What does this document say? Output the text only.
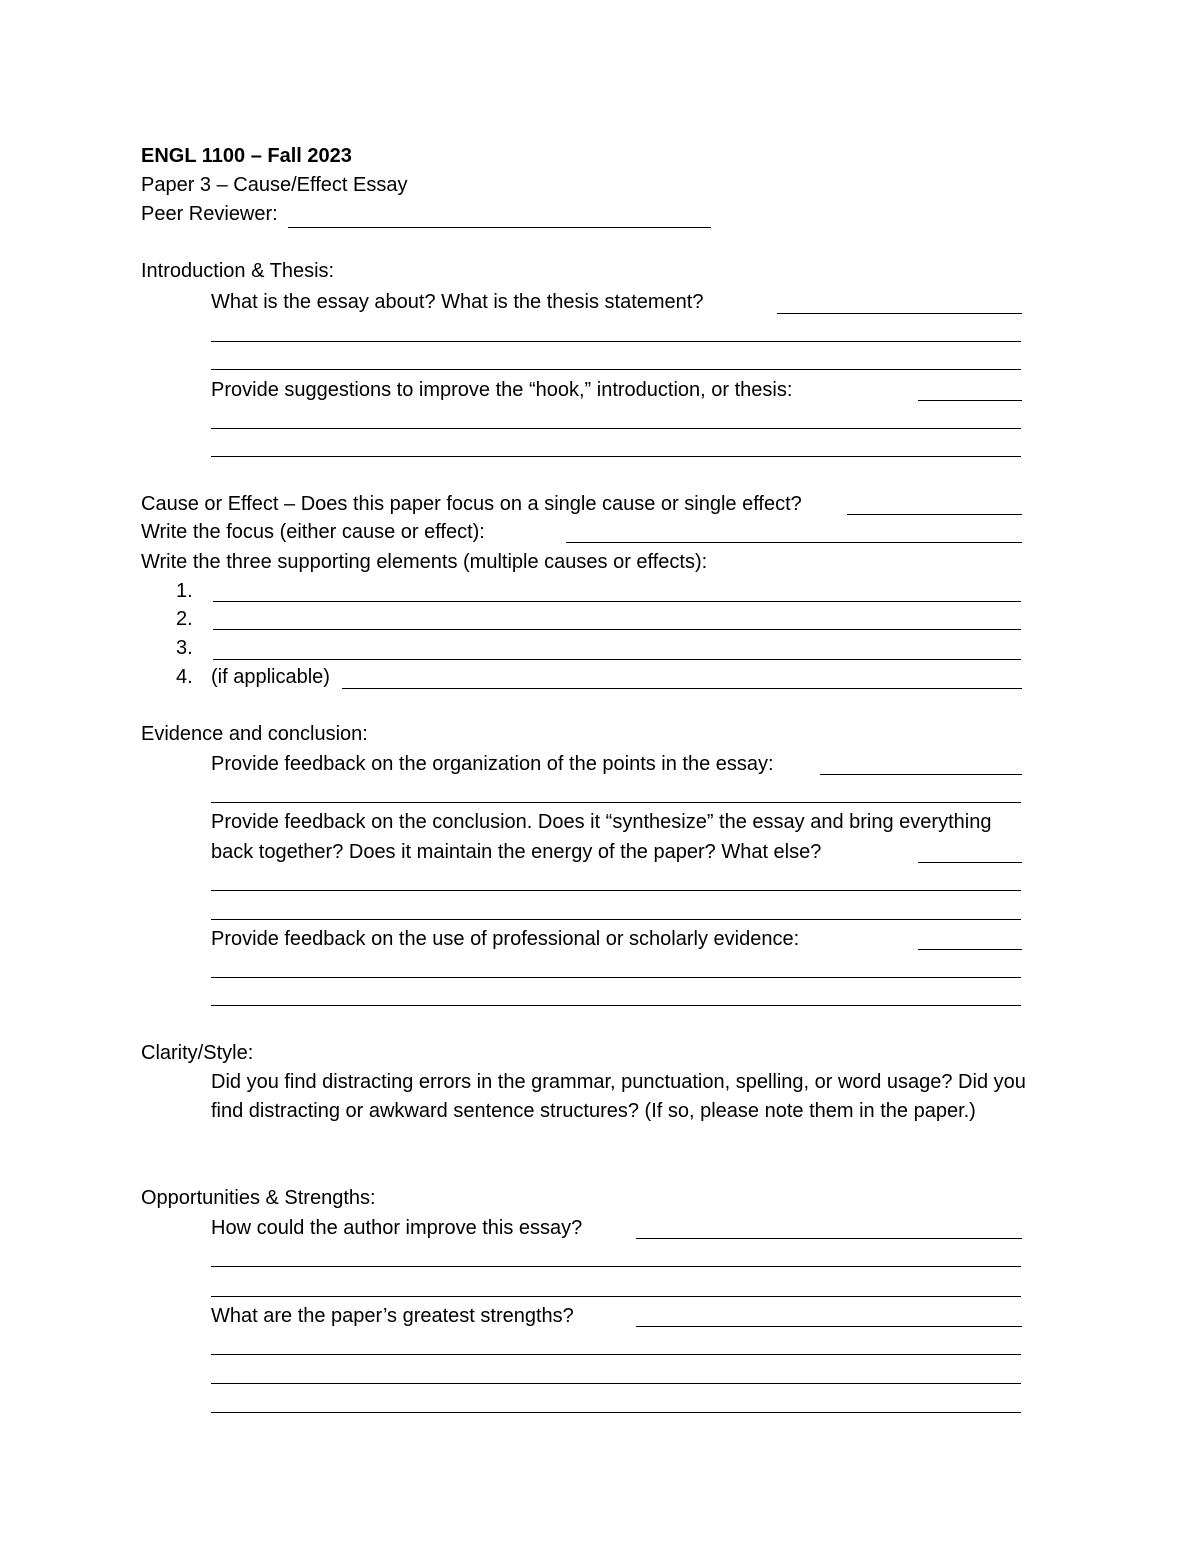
ENGL 1100 – Fall 2023
Paper 3 – Cause/Effect Essay
Peer Reviewer:
Introduction & Thesis:
What is the essay about? What is the thesis statement?
Provide suggestions to improve the “hook,” introduction, or thesis:
Cause or Effect – Does this paper focus on a single cause or single effect?
Write the focus (either cause or effect):
Write the three supporting elements (multiple causes or effects):
1.
2.
3.
4. (if applicable)
Evidence and conclusion:
Provide feedback on the organization of the points in the essay:
Provide feedback on the conclusion. Does it “synthesize” the essay and bring everything
back together? Does it maintain the energy of the paper? What else?
Provide feedback on the use of professional or scholarly evidence:
Clarity/Style:
Did you find distracting errors in the grammar, punctuation, spelling, or word usage? Did you find distracting or awkward sentence structures? (If so, please note them in the paper.)
Opportunities & Strengths:
How could the author improve this essay?
What are the paper’s greatest strengths?
